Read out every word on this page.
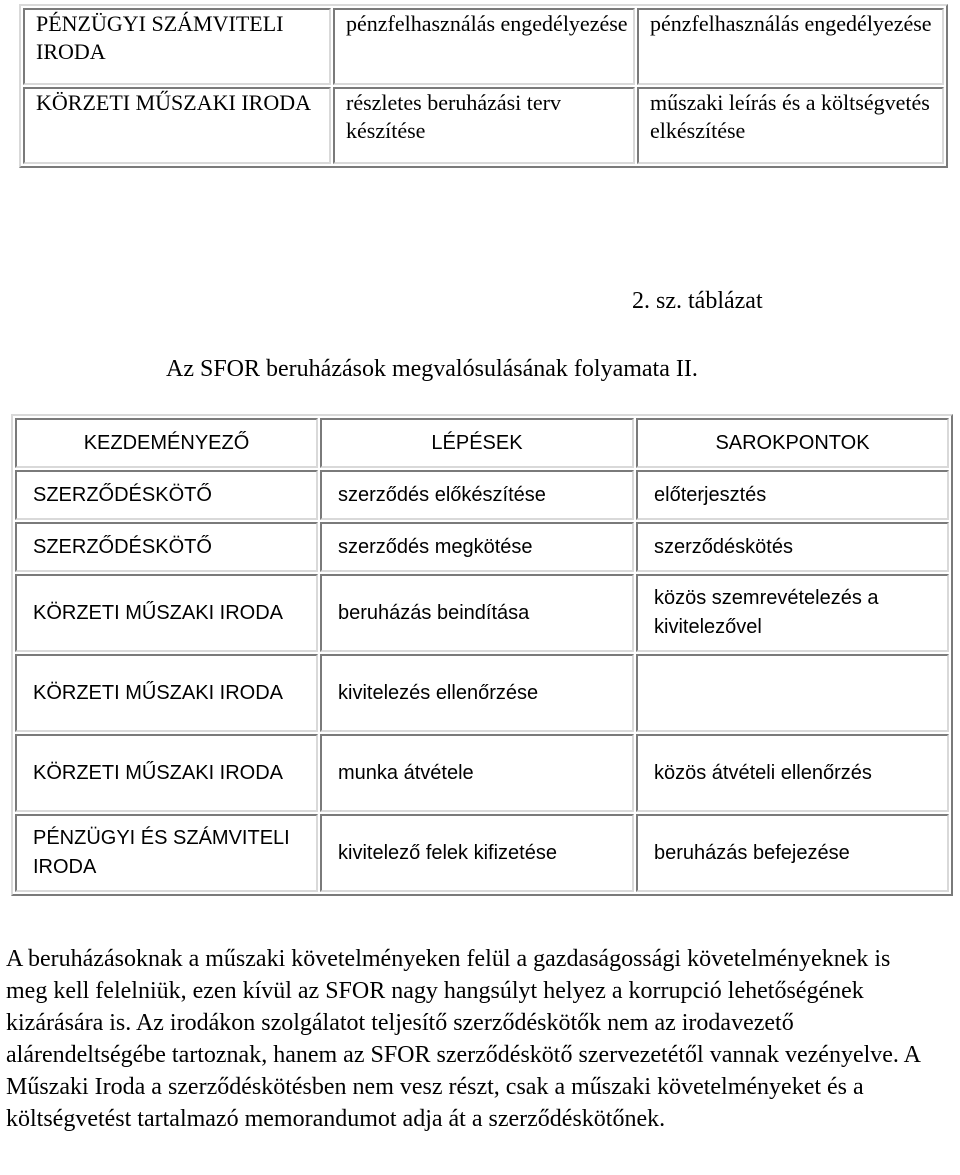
PÉNZÜGYI SZÁMVITELI IRODA	pénzfelhasználás engedélyezése	pénzfelhasználás engedélyezése
KÖRZETI MŰSZAKI IRODA	részletes beruházási terv készítése	műszaki leírás és a költségvetés elkészítése
2. sz. táblázat
Az SFOR beruházások megvalósulásának folyamata II.
KEZDEMÉNYEZŐ	LÉPÉSEK	SAROKPONTOK
SZERZŐDÉSKÖTŐ	szerződés előkészítése	előterjesztés
SZERZŐDÉSKÖTŐ	szerződés megkötése	szerződéskötés
KÖRZETI MŰSZAKI IRODA	beruházás beindítása	közös szemrevételezés a kivitelezővel
KÖRZETI MŰSZAKI IRODA	kivitelezés ellenőrzése	
KÖRZETI MŰSZAKI IRODA	munka átvétele	közös átvételi ellenőrzés
PÉNZÜGYI ÉS SZÁMVITELI IRODA	kivitelező felek kifizetése	beruházás befejezése

A beruházásoknak a műszaki követelményeken felül a gazdaságossági követelményeknek is meg kell felelniük, ezen kívül az SFOR nagy hangsúlyt helyez a korrupció lehetőségének kizárására is. Az irodákon szolgálatot teljesítő szerződéskötők nem az irodavezető alárendeltségébe tartoznak, hanem az SFOR szerződéskötő szervezetétől vannak vezényelve. A Műszaki Iroda a szerződéskötésben nem vesz részt, csak a műszaki követelményeket és a költségvetést tartalmazó memorandumot adja át a szerződéskötőnek.
